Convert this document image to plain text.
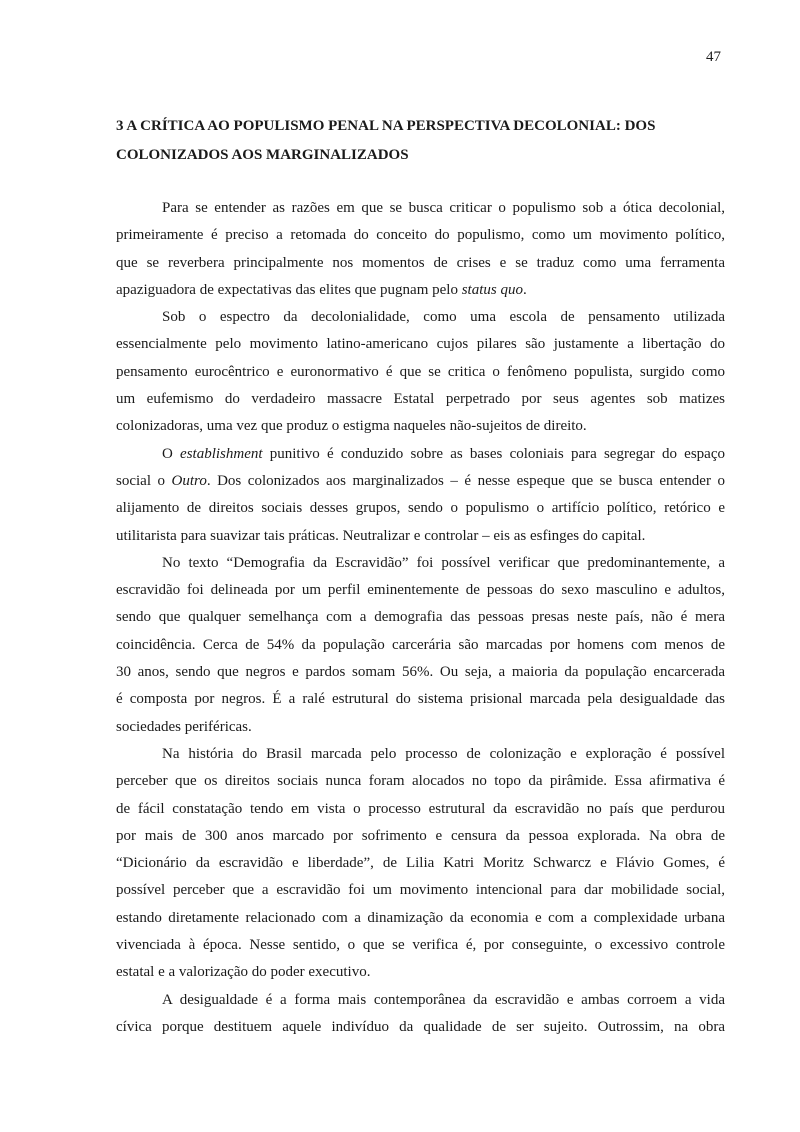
47
3 A CRÍTICA AO POPULISMO PENAL NA PERSPECTIVA DECOLONIAL: DOS
COLONIZADOS AOS MARGINALIZADOS

Para se entender as razões em que se busca criticar o populismo sob a ótica decolonial,
primeiramente é preciso a retomada do conceito do populismo, como um movimento político,
que se reverbera principalmente nos momentos de crises e se traduz como uma ferramenta
apaziguadora de expectativas das elites que pugnam pelo status quo.

Sob o espectro da decolonialidade, como uma escola de pensamento utilizada
essencialmente pelo movimento latino-americano cujos pilares são justamente a libertação do
pensamento eurocêntrico e euronormativo é que se critica o fenômeno populista, surgido como
um eufemismo do verdadeiro massacre Estatal perpetrado por seus agentes sob matizes
colonizadoras, uma vez que produz o estigma naqueles não-sujeitos de direito.

O establishment punitivo é conduzido sobre as bases coloniais para segregar do espaço
social o Outro. Dos colonizados aos marginalizados – é nesse espeque que se busca entender o
alijamento de direitos sociais desses grupos, sendo o populismo o artifício político, retórico e
utilitarista para suavizar tais práticas. Neutralizar e controlar – eis as esfinges do capital.

No texto “Demografia da Escravidão” foi possível verificar que predominantemente, a
escravidão foi delineada por um perfil eminentemente de pessoas do sexo masculino e adultos,
sendo que qualquer semelhança com a demografia das pessoas presas neste país, não é mera
coincidência. Cerca de 54% da população carcerária são marcadas por homens com menos de
30 anos, sendo que negros e pardos somam 56%. Ou seja, a maioria da população encarcerada
é composta por negros. É a ralé estrutural do sistema prisional marcada pela desigualdade das
sociedades periféricas.

Na história do Brasil marcada pelo processo de colonização e exploração é possível
perceber que os direitos sociais nunca foram alocados no topo da pirâmide. Essa afirmativa é
de fácil constatação tendo em vista o processo estrutural da escravidão no país que perdurou
por mais de 300 anos marcado por sofrimento e censura da pessoa explorada. Na obra de
“Dicionário da escravidão e liberdade”, de Lilia Katri Moritz Schwarcz e Flávio Gomes, é
possível perceber que a escravidão foi um movimento intencional para dar mobilidade social,
estando diretamente relacionado com a dinamização da economia e com a complexidade urbana
vivenciada à época. Nesse sentido, o que se verifica é, por conseguinte, o excessivo controle
estatal e a valorização do poder executivo.

A desigualdade é a forma mais contemporânea da escravidão e ambas corroem a vida
cívica porque destituem aquele indivíduo da qualidade de ser sujeito. Outrossim, na obra
